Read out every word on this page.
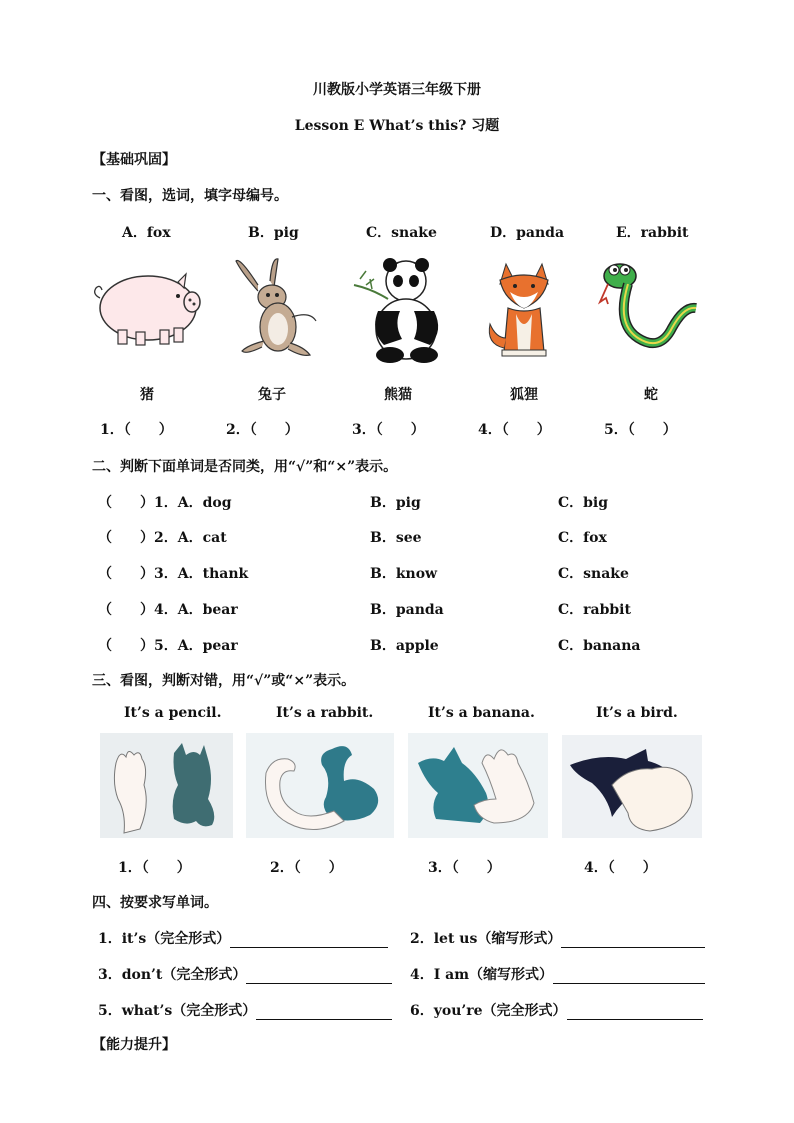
川教版小学英语三年级下册
Lesson E What’s this? 习题
【基础巩固】
一、看图，选词，填字母编号。
A．fox	B．pig	C．snake	D．panda	E．rabbit
猪	兔子	熊猫	狐狸	蛇
1．（　　）	2．（　　）	3．（　　）	4．（　　）	5．（　　）
二、判断下面单词是否同类，用“√”和“×”表示。
（　　）1．A．dog	B．pig	C．big
（　　）2．A．cat	B．see	C．fox
（　　）3．A．thank	B．know	C．snake
（　　）4．A．bear	B．panda	C．rabbit
（　　）5．A．pear	B．apple	C．banana
三、看图，判断对错，用“√”或“×”表示。
It’s a pencil.	It’s a rabbit.	It’s a banana.	It’s a bird.
1．（　　）	2．（　　）	3．（　　）	4．（　　）
四、按要求写单词。
1．it’s（完全形式）	2．let us（缩写形式）
3．don’t（完全形式）	4．I am（缩写形式）
5．what’s（完全形式）	6．you’re（完全形式）
【能力提升】
